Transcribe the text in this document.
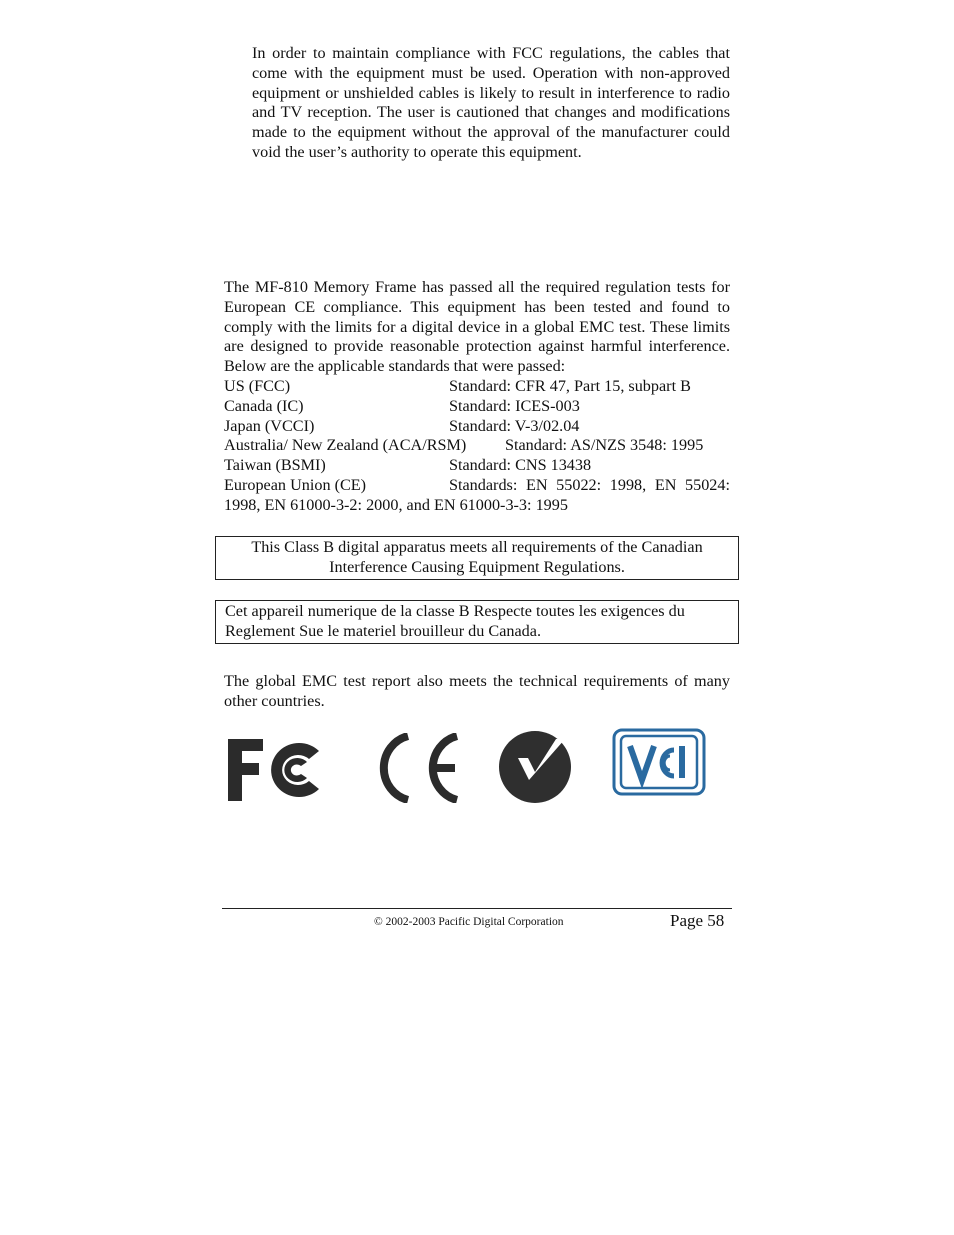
In order to maintain compliance with FCC regulations, the cables that come with the equipment must be used. Operation with non-approved equipment or unshielded cables is likely to result in interference to radio and TV reception. The user is cautioned that changes and modifications made to the equipment without the approval of the manufacturer could void the user’s authority to operate this equipment.

The MF-810 Memory Frame has passed all the required regulation tests for European CE compliance. This equipment has been tested and found to comply with the limits for a digital device in a global EMC test. These limits are designed to provide reasonable protection against harmful interference. Below are the applicable standards that were passed:

US (FCC)	Standard: CFR 47, Part 15, subpart B
Canada (IC)	Standard: ICES-003
Japan (VCCI)	Standard: V-3/02.04
Australia/ New Zealand (ACA/RSM) Standard: AS/NZS 3548: 1995
Taiwan (BSMI)	Standard: CNS 13438
European Union (CE)	Standards: EN 55022: 1998, EN 55024:
1998, EN 61000-3-2: 2000, and EN 61000-3-3: 1995
This Class B digital apparatus meets all requirements of the Canadian
Interference Causing Equipment Regulations.
Cet appareil numerique de la classe B Respecte toutes les exigences du
Reglement Sue le materiel brouilleur du Canada.

The global EMC test report also meets the technical requirements of many other countries.

© 2002-2003 Pacific Digital Corporation	Page 58
